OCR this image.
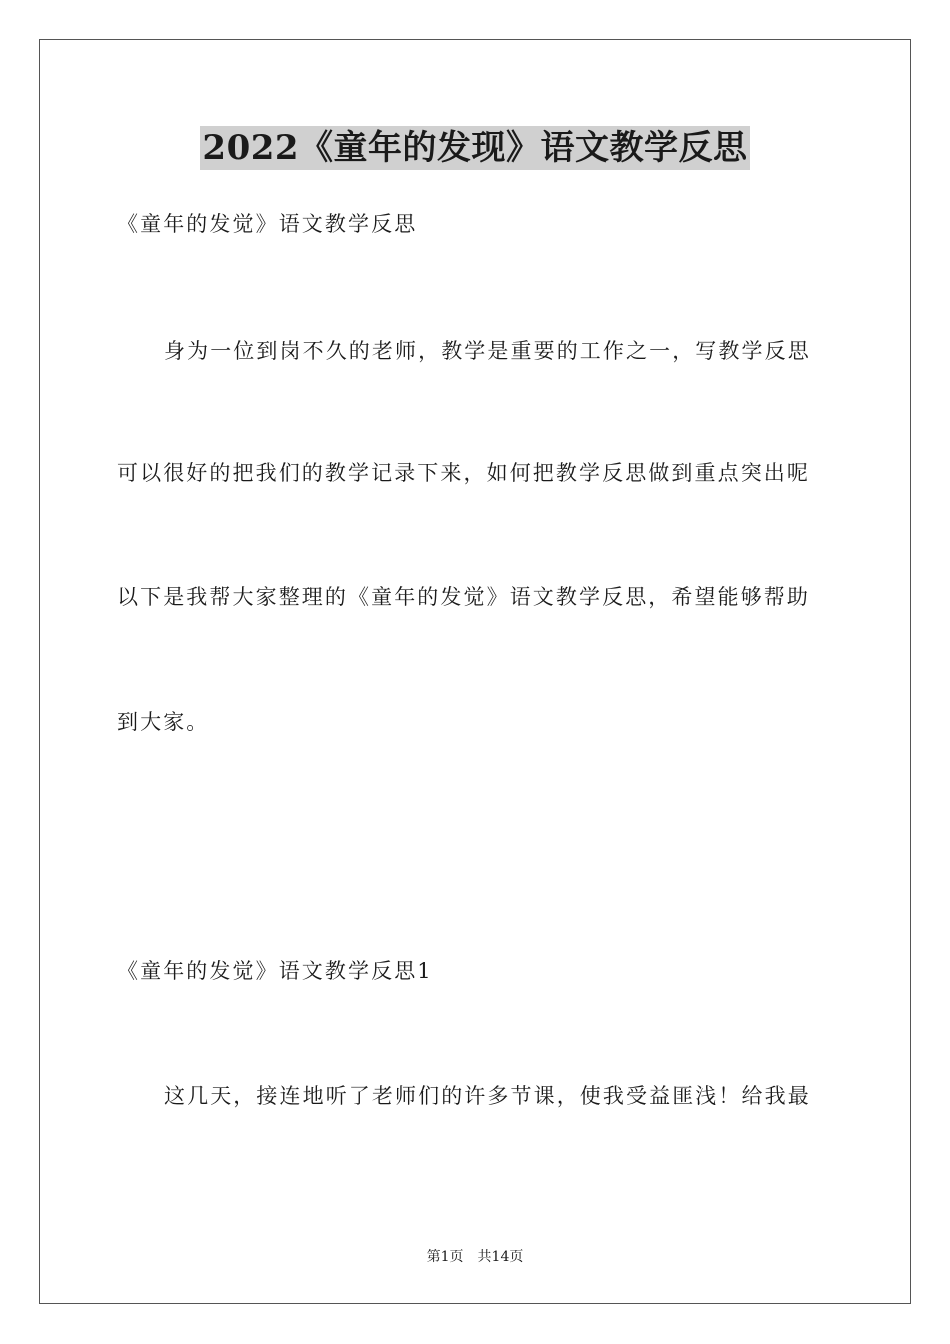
2022《童年的发现》语文教学反思
《童年的发觉》语文教学反思
身为一位到岗不久的老师，教学是重要的工作之一，写教学反思
可以很好的把我们的教学记录下来，如何把教学反思做到重点突出呢
以下是我帮大家整理的《童年的发觉》语文教学反思，希望能够帮助
到大家。
《童年的发觉》语文教学反思1
这几天，接连地听了老师们的许多节课，使我受益匪浅！给我最
第1页　共14页
